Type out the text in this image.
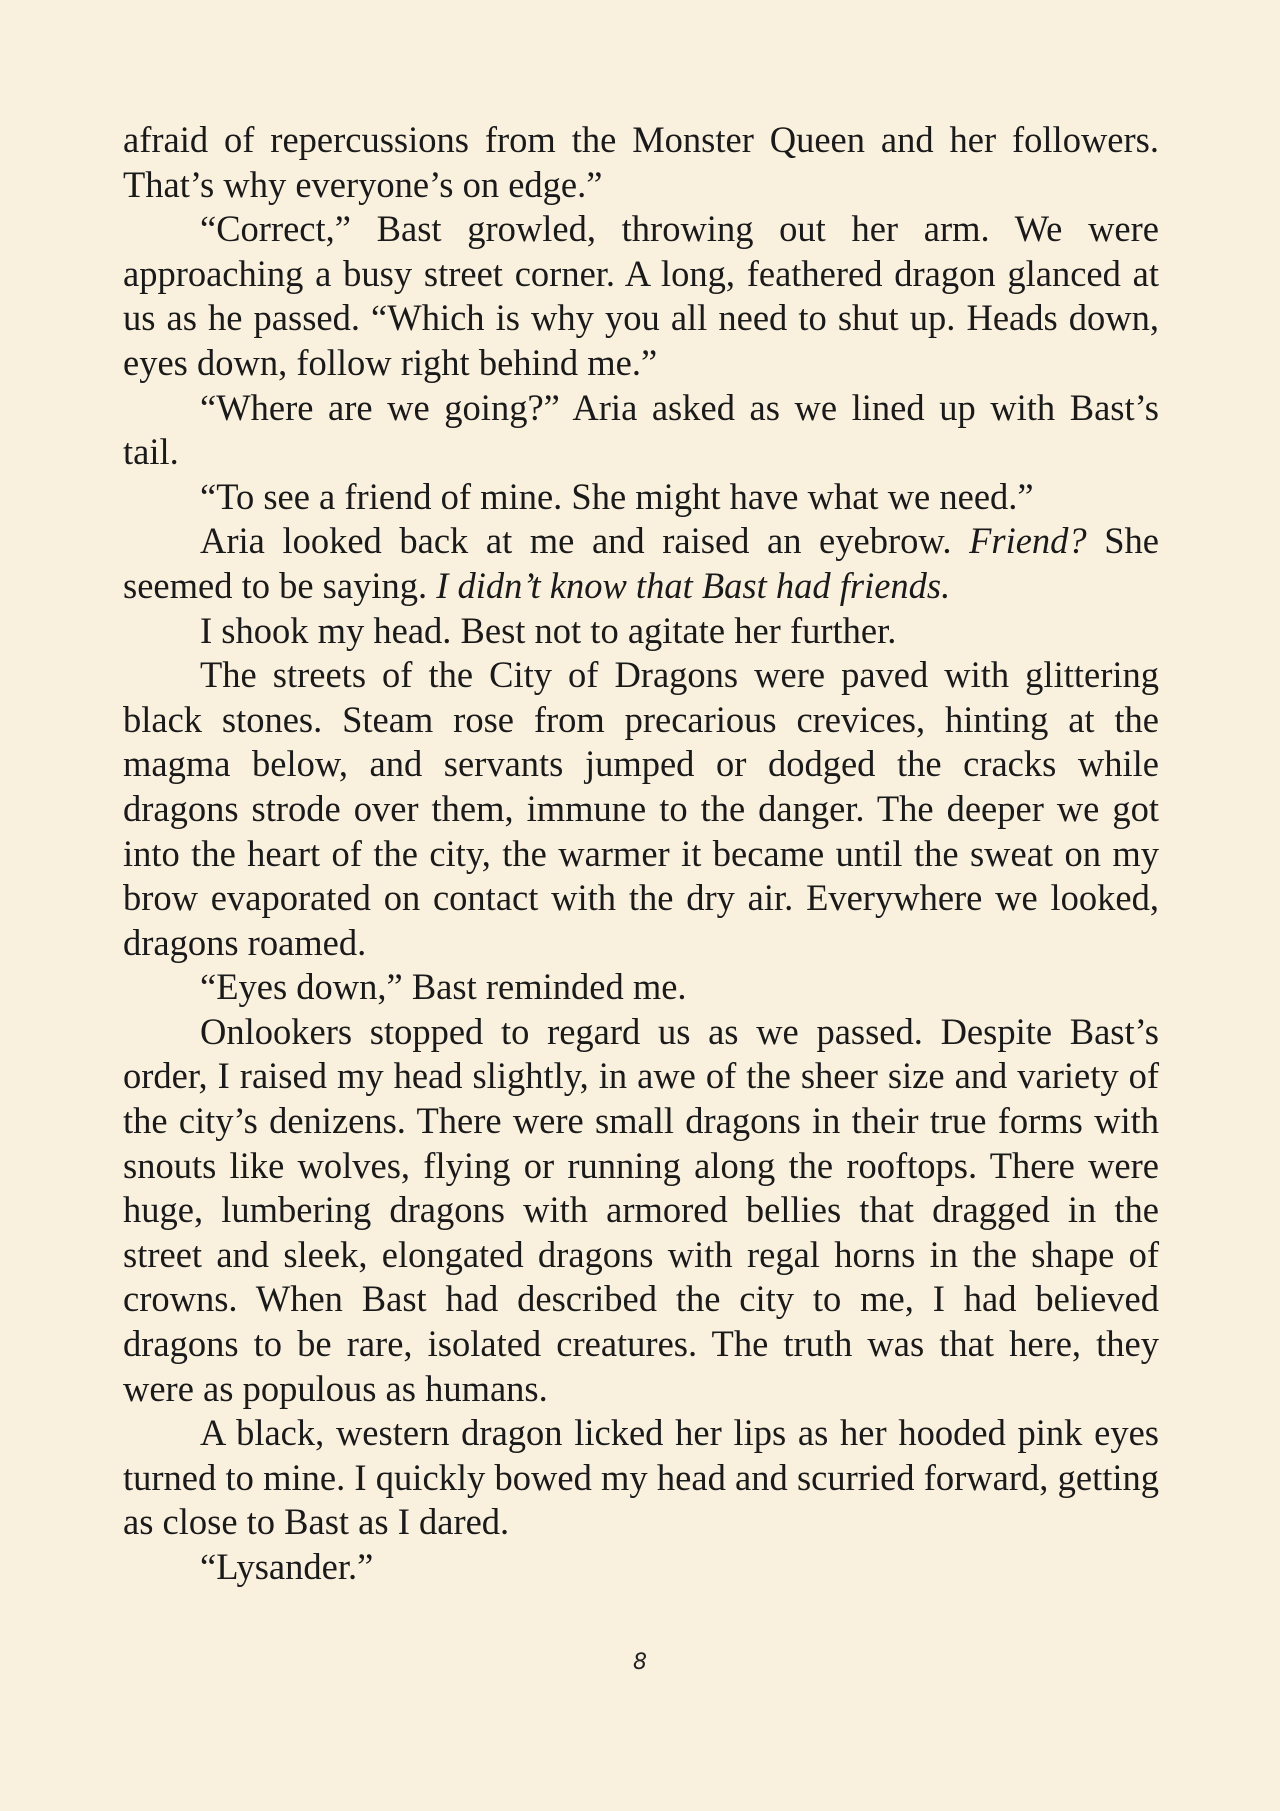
afraid of repercussions from the Monster Queen and her followers. That’s why everyone’s on edge.”

“Correct,” Bast growled, throwing out her arm. We were approaching a busy street corner. A long, feathered dragon glanced at us as he passed. “Which is why you all need to shut up. Heads down, eyes down, follow right behind me.”

“Where are we going?” Aria asked as we lined up with Bast’s tail.

“To see a friend of mine. She might have what we need.”

Aria looked back at me and raised an eyebrow. Friend? She seemed to be saying. I didn’t know that Bast had friends.

I shook my head. Best not to agitate her further.

The streets of the City of Dragons were paved with glittering black stones. Steam rose from precarious crevices, hinting at the magma below, and servants jumped or dodged the cracks while dragons strode over them, immune to the danger. The deeper we got into the heart of the city, the warmer it became until the sweat on my brow evaporated on contact with the dry air. Everywhere we looked, dragons roamed.

“Eyes down,” Bast reminded me.

Onlookers stopped to regard us as we passed. Despite Bast’s order, I raised my head slightly, in awe of the sheer size and variety of the city’s denizens. There were small dragons in their true forms with snouts like wolves, flying or running along the rooftops. There were huge, lumbering dragons with armored bellies that dragged in the street and sleek, elongated dragons with regal horns in the shape of crowns. When Bast had described the city to me, I had believed dragons to be rare, isolated creatures. The truth was that here, they were as populous as humans.

A black, western dragon licked her lips as her hooded pink eyes turned to mine. I quickly bowed my head and scurried forward, getting as close to Bast as I dared.

“Lysander.”

8
